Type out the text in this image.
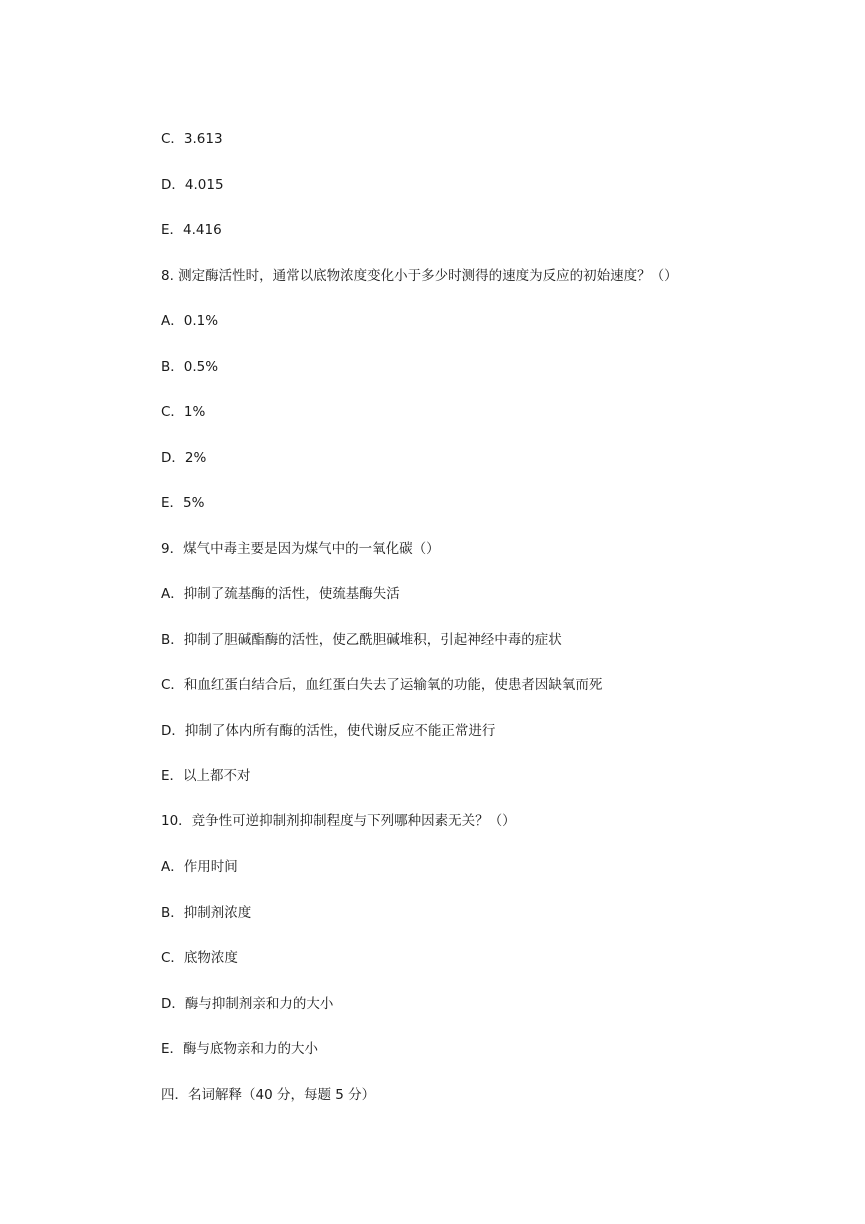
C．3.613
D．4.015
E．4.416
8. 测定酶活性时，通常以底物浓度变化小于多少时测得的速度为反应的初始速度？（）
A．0.1%
B．0.5%
C．1%
D．2%
E．5%
9．煤气中毒主要是因为煤气中的一氧化碳（）
A．抑制了巯基酶的活性，使巯基酶失活
B．抑制了胆碱酯酶的活性，使乙酰胆碱堆积，引起神经中毒的症状
C．和血红蛋白结合后，血红蛋白失去了运输氧的功能，使患者因缺氧而死
D．抑制了体内所有酶的活性，使代谢反应不能正常进行
E．以上都不对
10．竞争性可逆抑制剂抑制程度与下列哪种因素无关？（）
A．作用时间
B．抑制剂浓度
C．底物浓度
D．酶与抑制剂亲和力的大小
E．酶与底物亲和力的大小
四．名词解释（40 分，每题 5 分）
